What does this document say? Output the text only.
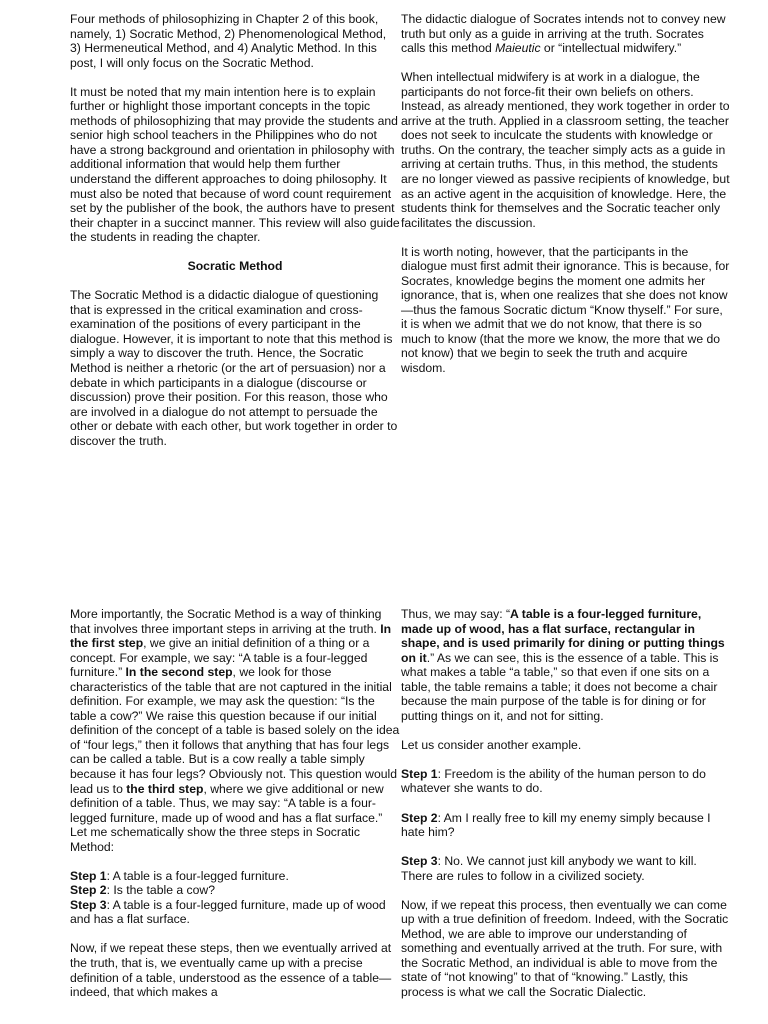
Four methods of philosophizing in Chapter 2 of this book, namely, 1) Socratic Method, 2) Phenomenological Method, 3) Hermeneutical Method, and 4) Analytic Method. In this post, I will only focus on the Socratic Method.

It must be noted that my main intention here is to explain further or highlight those important concepts in the topic methods of philosophizing that may provide the students and senior high school teachers in the Philippines who do not have a strong background and orientation in philosophy with additional information that would help them further understand the different approaches to doing philosophy. It must also be noted that because of word count requirement set by the publisher of the book, the authors have to present their chapter in a succinct manner. This review will also guide the students in reading the chapter.

Socratic Method

The Socratic Method is a didactic dialogue of questioning that is expressed in the critical examination and cross-examination of the positions of every participant in the dialogue. However, it is important to note that this method is simply a way to discover the truth. Hence, the Socratic Method is neither a rhetoric (or the art of persuasion) nor a debate in which participants in a dialogue (discourse or discussion) prove their position. For this reason, those who are involved in a dialogue do not attempt to persuade the other or debate with each other, but work together in order to discover the truth.

The didactic dialogue of Socrates intends not to convey new truth but only as a guide in arriving at the truth. Socrates calls this method Maieutic or “intellectual midwifery.”

When intellectual midwifery is at work in a dialogue, the participants do not force-fit their own beliefs on others. Instead, as already mentioned, they work together in order to arrive at the truth. Applied in a classroom setting, the teacher does not seek to inculcate the students with knowledge or truths. On the contrary, the teacher simply acts as a guide in arriving at certain truths. Thus, in this method, the students are no longer viewed as passive recipients of knowledge, but as an active agent in the acquisition of knowledge. Here, the students think for themselves and the Socratic teacher only facilitates the discussion.

It is worth noting, however, that the participants in the dialogue must first admit their ignorance. This is because, for Socrates, knowledge begins the moment one admits her ignorance, that is, when one realizes that she does not know—thus the famous Socratic dictum “Know thyself.” For sure, it is when we admit that we do not know, that there is so much to know (that the more we know, the more that we do not know) that we begin to seek the truth and acquire wisdom.

More importantly, the Socratic Method is a way of thinking that involves three important steps in arriving at the truth. In the first step, we give an initial definition of a thing or a concept. For example, we say: “A table is a four-legged furniture.” In the second step, we look for those characteristics of the table that are not captured in the initial definition. For example, we may ask the question: “Is the table a cow?” We raise this question because if our initial definition of the concept of a table is based solely on the idea of “four legs,” then it follows that anything that has four legs can be called a table. But is a cow really a table simply because it has four legs? Obviously not. This question would lead us to the third step, where we give additional or new definition of a table. Thus, we may say: “A table is a four-legged furniture, made up of wood and has a flat surface.” Let me schematically show the three steps in Socratic Method:

Step 1: A table is a four-legged furniture.
Step 2: Is the table a cow?
Step 3: A table is a four-legged furniture, made up of wood and has a flat surface.

Now, if we repeat these steps, then we eventually arrived at the truth, that is, we eventually came up with a precise definition of a table, understood as the essence of a table—indeed, that which makes a

Thus, we may say: “A table is a four-legged furniture, made up of wood, has a flat surface, rectangular in shape, and is used primarily for dining or putting things on it.” As we can see, this is the essence of a table. This is what makes a table “a table,” so that even if one sits on a table, the table remains a table; it does not become a chair because the main purpose of the table is for dining or for putting things on it, and not for sitting.

Let us consider another example.

Step 1: Freedom is the ability of the human person to do whatever she wants to do.

Step 2: Am I really free to kill my enemy simply because I hate him?

Step 3: No. We cannot just kill anybody we want to kill. There are rules to follow in a civilized society.

Now, if we repeat this process, then eventually we can come up with a true definition of freedom. Indeed, with the Socratic Method, we are able to improve our understanding of something and eventually arrived at the truth. For sure, with the Socratic Method, an individual is able to move from the state of “not knowing” to that of “knowing.” Lastly, this process is what we call the Socratic Dialectic.
